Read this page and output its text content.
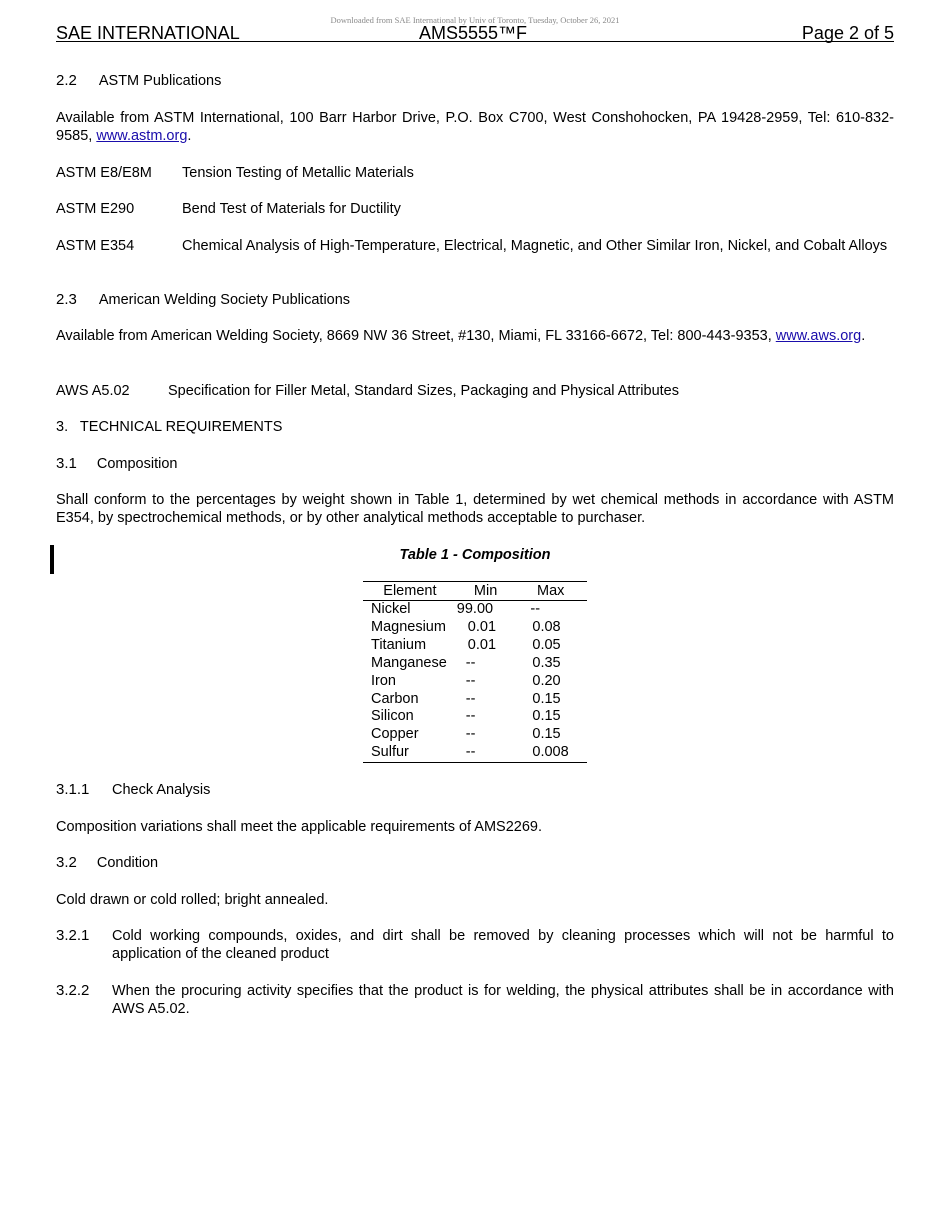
Downloaded from SAE International by Univ of Toronto, Tuesday, October 26, 2021
SAE INTERNATIONAL	AMS5555™F	Page 2 of 5
2.2 ASTM Publications
Available from ASTM International, 100 Barr Harbor Drive, P.O. Box C700, West Conshohocken, PA 19428-2959, Tel: 610-832-9585, www.astm.org.
ASTM E8/E8M Tension Testing of Metallic Materials
ASTM E290	Bend Test of Materials for Ductility
ASTM E354	Chemical Analysis of High-Temperature, Electrical, Magnetic, and Other Similar Iron, Nickel, and Cobalt Alloys
2.3 American Welding Society Publications
Available from American Welding Society, 8669 NW 36 Street, #130, Miami, FL 33166-6672, Tel: 800-443-9353, www.aws.org.
AWS A5.02	Specification for Filler Metal, Standard Sizes, Packaging and Physical Attributes
3.   TECHNICAL REQUIREMENTS
3.1 Composition
Shall conform to the percentages by weight shown in Table 1, determined by wet chemical methods in accordance with ASTM E354, by spectrochemical methods, or by other analytical methods acceptable to purchaser.
Table 1 - Composition
Element	Min	Max
Nickel	99.00	--
Magnesium	0.01	0.08
Titanium	0.01	0.05
Manganese	--	0.35
Iron	--	0.20
Carbon	--	0.15
Silicon	--	0.15
Copper	--	0.15
Sulfur	--	0.008
3.1.1 Check Analysis
Composition variations shall meet the applicable requirements of AMS2269.
3.2 Condition
Cold drawn or cold rolled; bright annealed.
3.2.1 Cold working compounds, oxides, and dirt shall be removed by cleaning processes which will not be harmful to application of the cleaned product
3.2.2 When the procuring activity specifies that the product is for welding, the physical attributes shall be in accordance with AWS A5.02.
